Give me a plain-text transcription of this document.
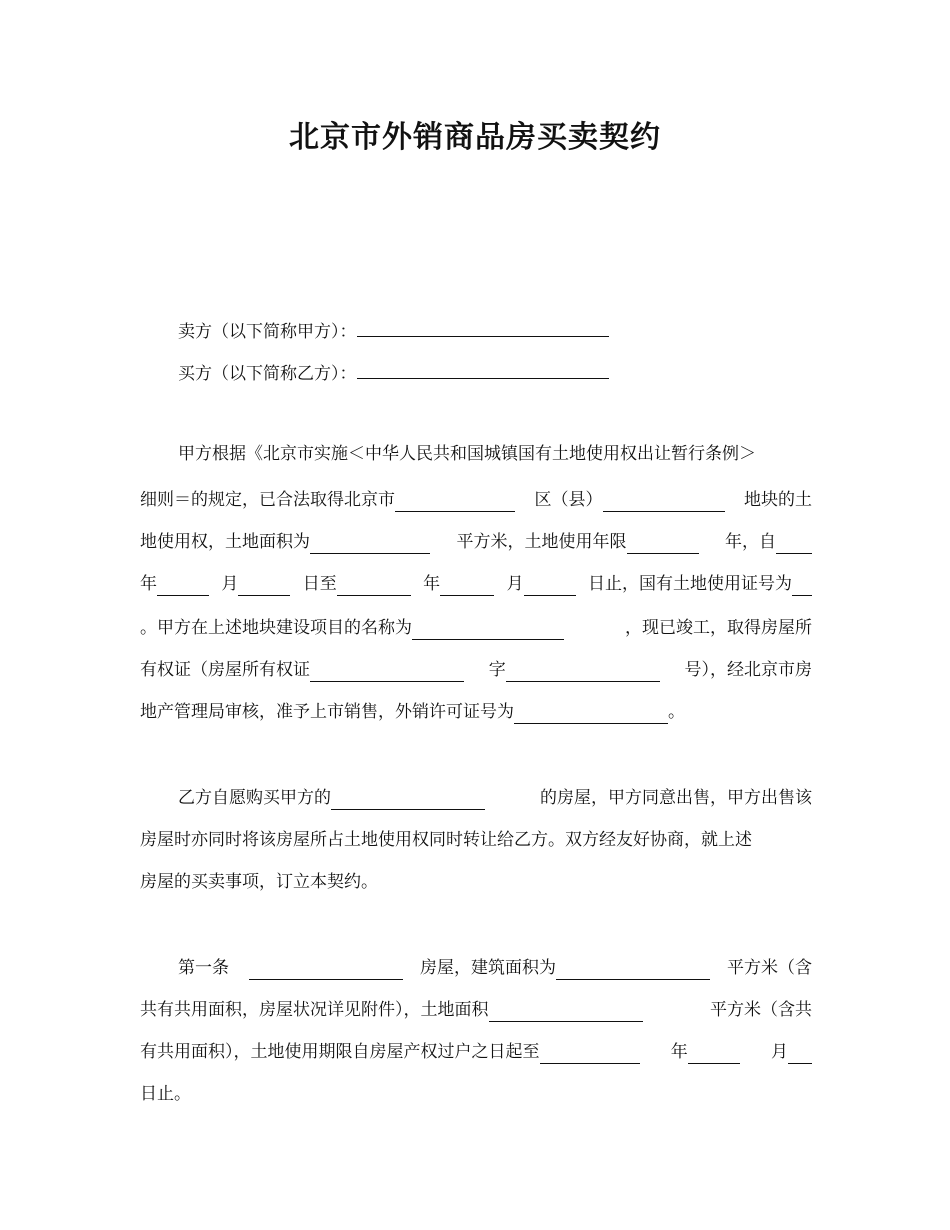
北京市外销商品房买卖契约
卖方（以下简称甲方）：
买方（以下简称乙方）：
甲方根据《北京市实施＜中华人民共和国城镇国有土地使用权出让暂行条例＞
细则＝的规定，已合法取得北京市	区（县）	地块的土
地使用权，土地面积为	平方米，土地使用年限	年，自
年	月	日至	年	月	日止，国有土地使用证号为
。甲方在上述地块建设项目的名称为	，现已竣工，取得房屋所
有权证（房屋所有权证	字	号），经北京市房
地产管理局审核，准予上市销售，外销许可证号为	。
乙方自愿购买甲方的	的房屋，甲方同意出售，甲方出售该
房屋时亦同时将该房屋所占土地使用权同时转让给乙方。双方经友好协商，就上述
房屋的买卖事项，订立本契约。
第一条	房屋，建筑面积为	平方米（含
共有共用面积，房屋状况详见附件），土地面积	平方米（含共
有共用面积），土地使用期限自房屋产权过户之日起至	年	月
日止。
